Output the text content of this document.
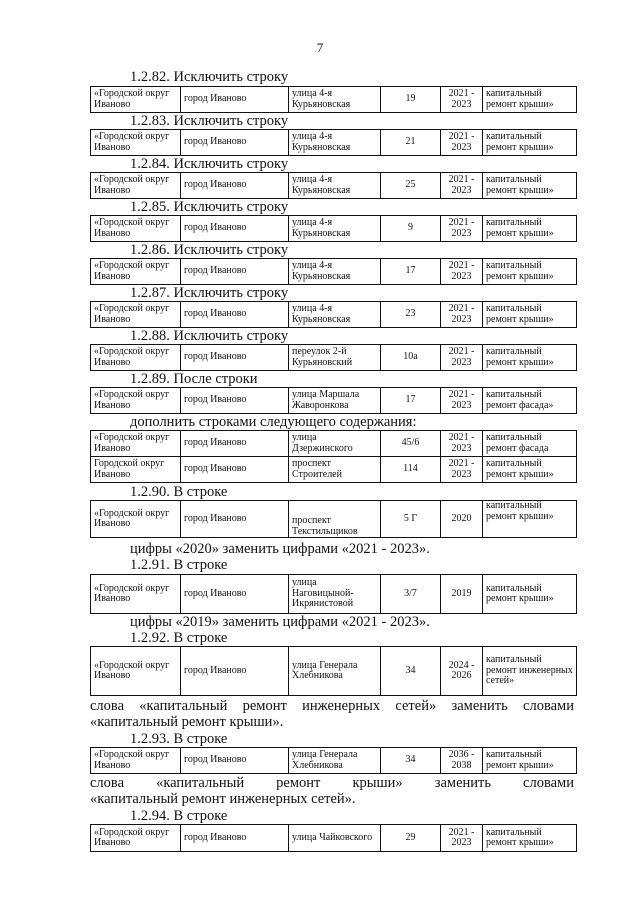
7
1.2.82. Исключить строку
«Городской округ Иваново	город Иваново	улица 4-я Курьяновская	19	2021 - 2023	капитальный ремонт крыши»
1.2.83. Исключить строку
«Городской округ Иваново	город Иваново	улица 4-я Курьяновская	21	2021 - 2023	капитальный ремонт крыши»
1.2.84. Исключить строку
«Городской округ Иваново	город Иваново	улица 4-я Курьяновская	25	2021 - 2023	капитальный ремонт крыши»
1.2.85. Исключить строку
«Городской округ Иваново	город Иваново	улица 4-я Курьяновская	9	2021 - 2023	капитальный ремонт крыши»
1.2.86. Исключить строку
«Городской округ Иваново	город Иваново	улица 4-я Курьяновская	17	2021 - 2023	капитальный ремонт крыши»
1.2.87. Исключить строку
«Городской округ Иваново	город Иваново	улица 4-я Курьяновская	23	2021 - 2023	капитальный ремонт крыши»
1.2.88. Исключить строку
«Городской округ Иваново	город Иваново	переулок 2-й Курьяновский	10а	2021 - 2023	капитальный ремонт крыши»
1.2.89. После строки
«Городской округ Иваново	город Иваново	улица Маршала Жаворонкова	17	2021 - 2023	капитальный ремонт фасада»
дополнить строками следующего содержания:
«Городской округ Иваново	город Иваново	улица Дзержинского	45/6	2021 - 2023	капитальный ремонт фасада
Городской округ Иваново	город Иваново	проспект Строителей	114	2021 - 2023	капитальный ремонт крыши»
1.2.90. В строке
«Городской округ Иваново	город Иваново	проспект Текстильщиков	5 Г	2020	капитальный ремонт крыши»
цифры «2020» заменить цифрами «2021 - 2023».
1.2.91. В строке
«Городской округ Иваново	город Иваново	улица Наговицыной-Икрянистовой	3/7	2019	капитальный ремонт крыши»
цифры «2019» заменить цифрами «2021 - 2023».
1.2.92. В строке
«Городской округ Иваново	город Иваново	улица Генерала Хлебникова	34	2024 - 2026	капитальный ремонт инженерных сетей»
слова «капитальный ремонт инженерных сетей» заменить словами
«капитальный ремонт крыши».
1.2.93. В строке
«Городской округ Иваново	город Иваново	улица Генерала Хлебникова	34	2036 - 2038	капитальный ремонт крыши»
слова «капитальный ремонт крыши» заменить словами
«капитальный ремонт инженерных сетей».
1.2.94. В строке
«Городской округ Иваново	город Иваново	улица Чайковского	29	2021 - 2023	капитальный ремонт крыши»
